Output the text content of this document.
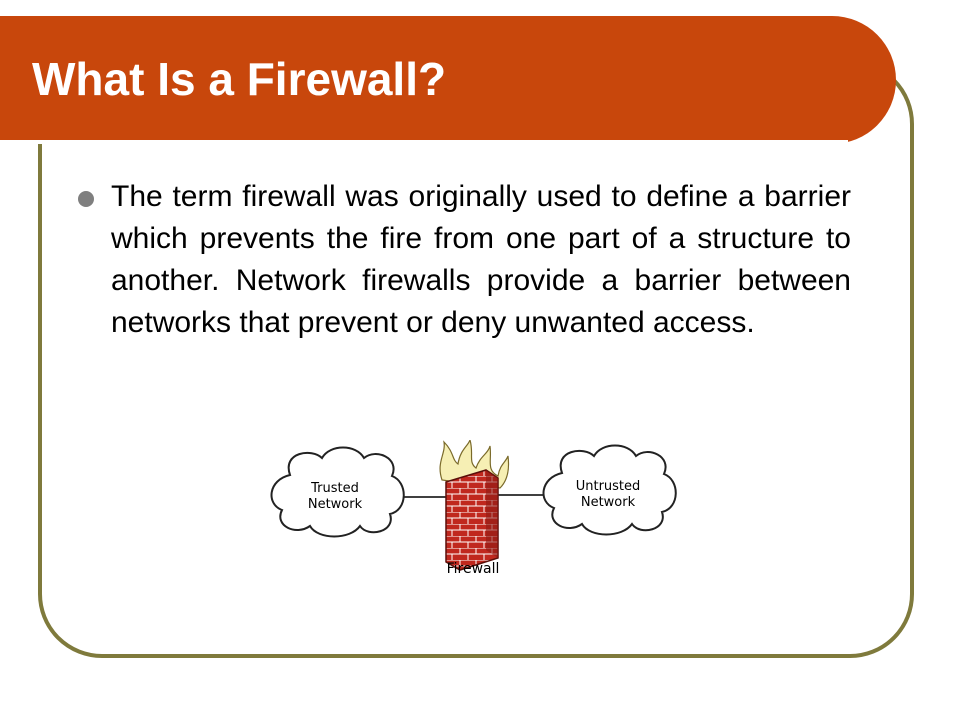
What Is a Firewall?

The term firewall was originally used to define a barrier which prevents the fire from one part of a structure to another. Network firewalls provide a barrier between networks that prevent or deny unwanted access.

Trusted
Network
Untrusted
Network
Firewall
